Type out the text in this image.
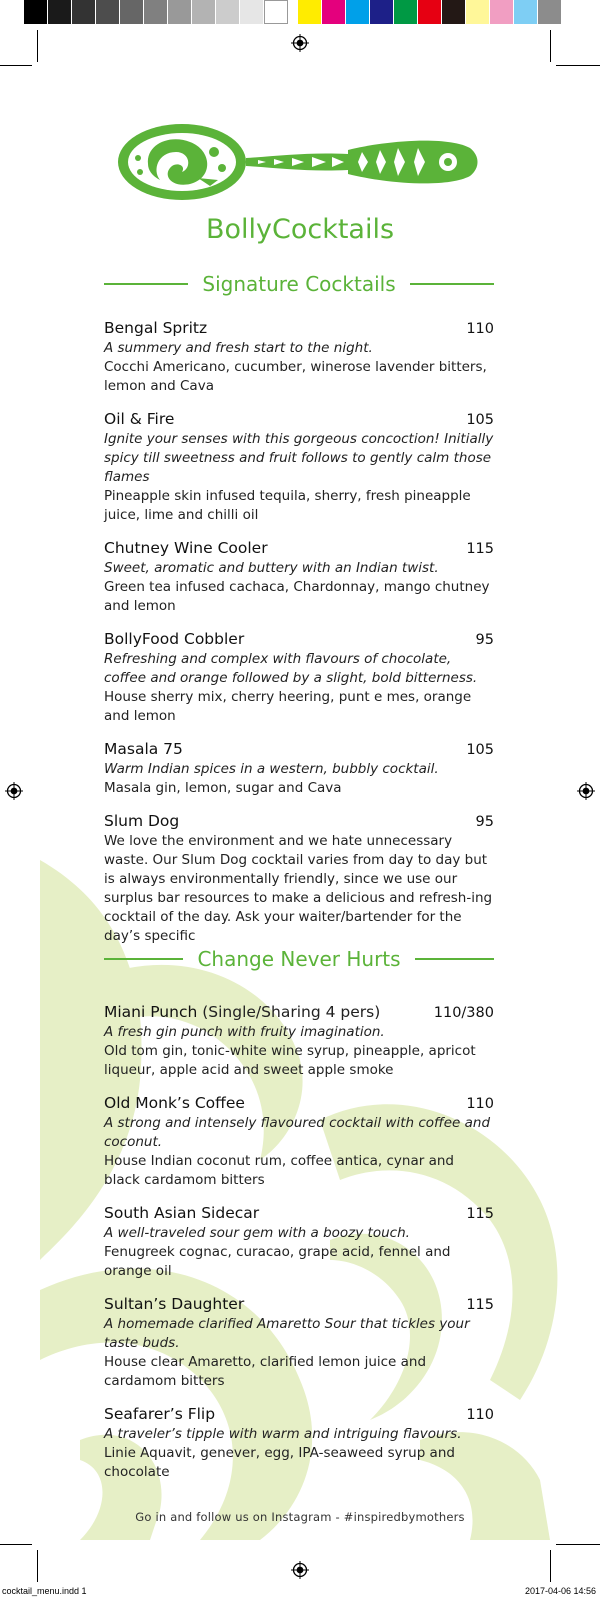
BollyCocktails
Signature Cocktails
Bengal Spritz	110
A summery and fresh start to the night.
Cocchi Americano, cucumber, winerose lavender bitters, lemon and Cava
Oil & Fire	105
Ignite your senses with this gorgeous concoction! Initially spicy till sweetness and fruit follows to gently calm those flames
Pineapple skin infused tequila, sherry, fresh pineapple juice, lime and chilli oil
Chutney Wine Cooler	115
Sweet, aromatic and buttery with an Indian twist.
Green tea infused cachaca, Chardonnay, mango chutney and lemon
BollyFood Cobbler	95
Refreshing and complex with flavours of chocolate, coffee and orange followed by a slight, bold bitterness.
House sherry mix, cherry heering, punt e mes, orange and lemon
Masala 75	105
Warm Indian spices in a western, bubbly cocktail.
Masala gin, lemon, sugar and Cava
Slum Dog	95
We love the environment and we hate unnecessary waste. Our Slum Dog cocktail varies from day to day but is always environmentally friendly, since we use our surplus bar resources to make a delicious and refresh-ing cocktail of the day. Ask your waiter/bartender for the day’s specific
Change Never Hurts
Miani Punch (Single/Sharing 4 pers)	110/380
A fresh gin punch with fruity imagination.
Old tom gin, tonic-white wine syrup, pineapple, apricot liqueur, apple acid and sweet apple smoke
Old Monk’s Coffee	110
A strong and intensely flavoured cocktail with coffee and coconut.
House Indian coconut rum, coffee antica, cynar and black cardamom bitters
South Asian Sidecar	115
A well-traveled sour gem with a boozy touch.
Fenugreek cognac, curacao, grape acid, fennel and orange oil
Sultan’s Daughter	115
A homemade clarified Amaretto Sour that tickles your taste buds.
House clear Amaretto, clarified lemon juice and cardamom bitters
Seafarer’s Flip	110
A traveler’s tipple with warm and intriguing flavours.
Linie Aquavit, genever, egg, IPA-seaweed syrup and chocolate
Go in and follow us on Instagram - #inspiredbymothers
cocktail_menu.indd 1	2017-04-06 14:56
